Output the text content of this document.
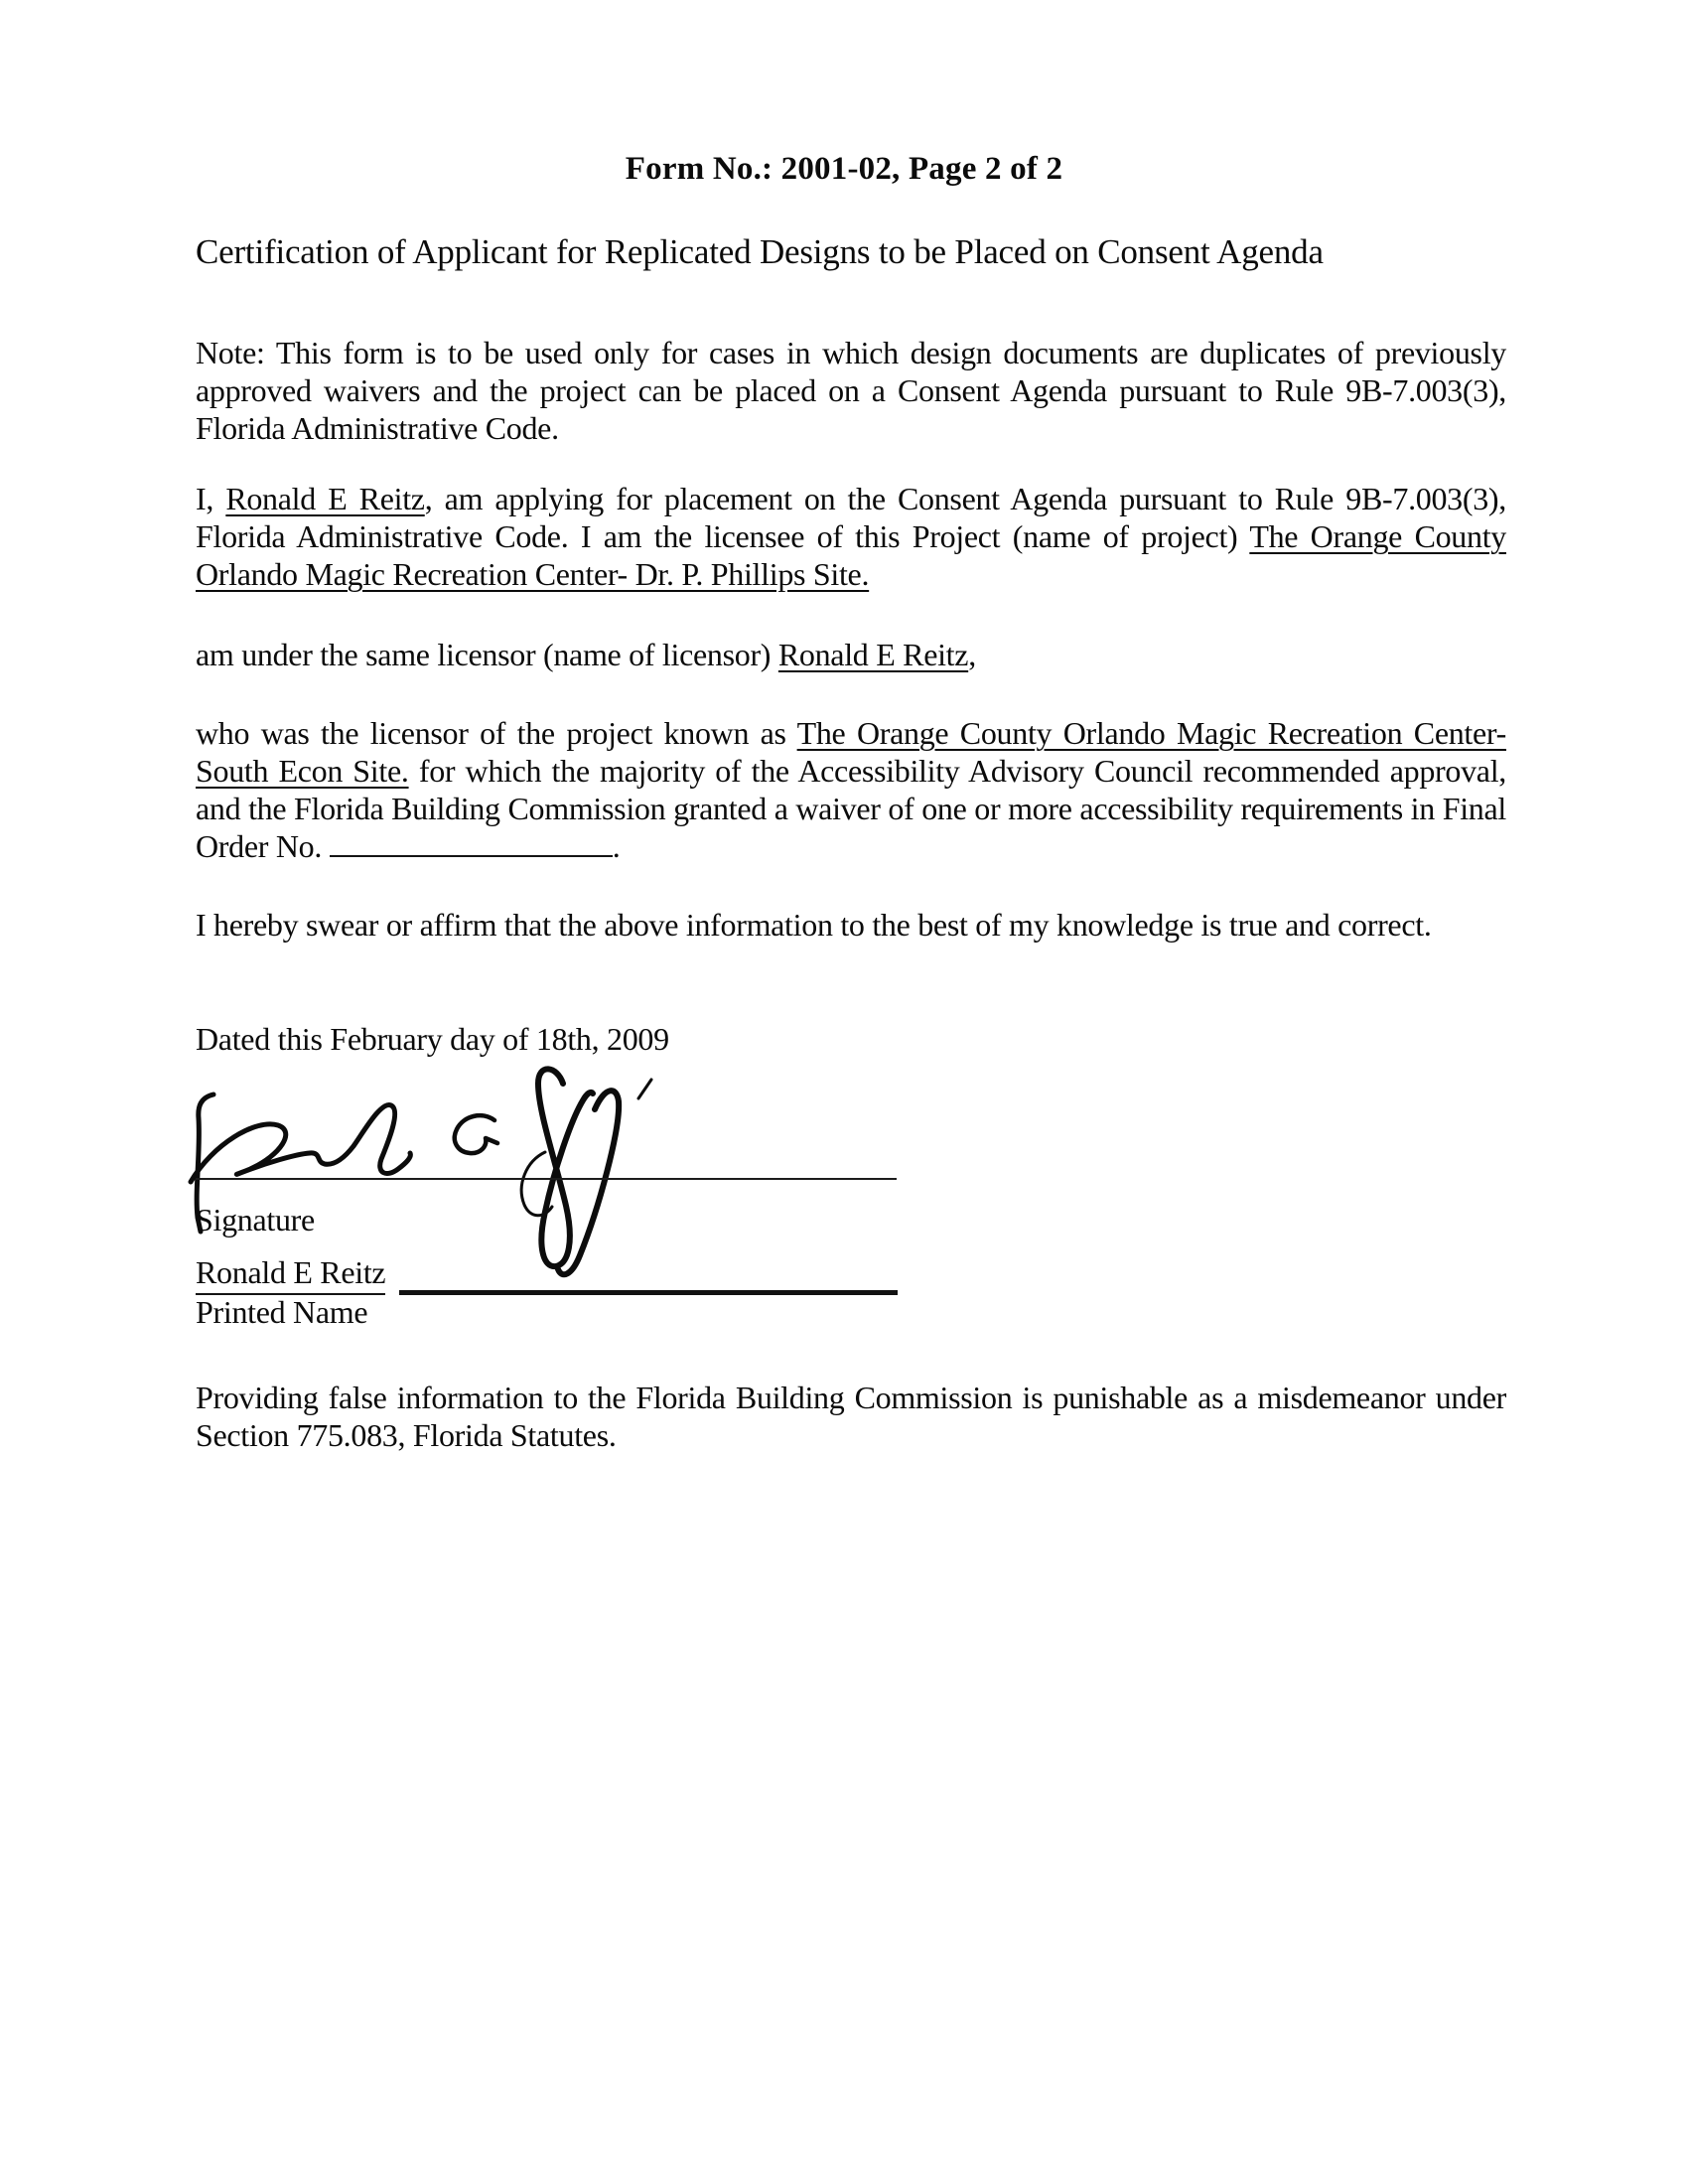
Form No.: 2001-02, Page 2 of 2
Certification of Applicant for Replicated Designs to be Placed on Consent Agenda
Note: This form is to be used only for cases in which design documents are duplicates of previously approved waivers and the project can be placed on a Consent Agenda pursuant to Rule 9B-7.003(3), Florida Administrative Code.
I, Ronald E Reitz, am applying for placement on the Consent Agenda pursuant to Rule 9B-7.003(3), Florida Administrative Code. I am the licensee of this Project (name of project) The Orange County Orlando Magic Recreation Center- Dr. P. Phillips Site.
am under the same licensor (name of licensor) Ronald E Reitz,
who was the licensor of the project known as The Orange County Orlando Magic Recreation Center- South Econ Site. for which the majority of the Accessibility Advisory Council recommended approval, and the Florida Building Commission granted a waiver of one or more accessibility requirements in Final Order No.	.
I hereby swear or affirm that the above information to the best of my knowledge is true and correct.
Dated this February day of 18th, 2009
Signature
Ronald E Reitz
Printed Name
Providing false information to the Florida Building Commission is punishable as a misdemeanor under Section 775.083, Florida Statutes.
